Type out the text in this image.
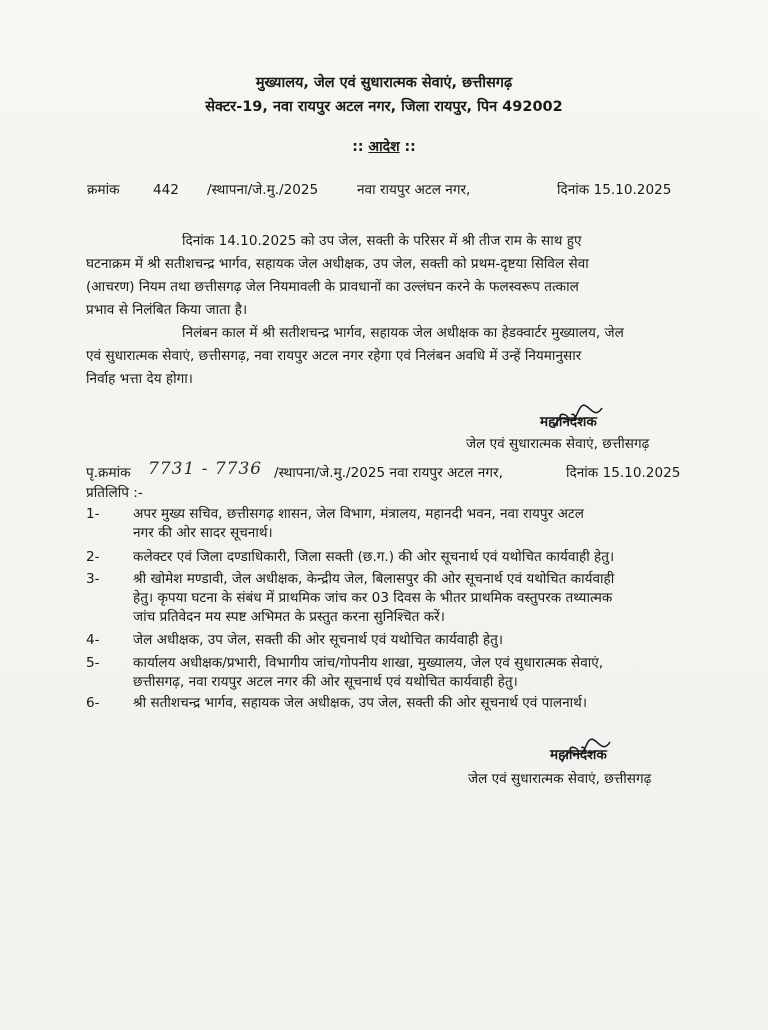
मुख्यालय, जेल एवं सुधारात्मक सेवाएं, छत्तीसगढ़
सेक्टर-19, नवा रायपुर अटल नगर, जिला रायपुर, पिन 492002
:: आदेश ::
क्रमांक 442 /स्थापना/जे.मु./2025	नवा रायपुर अटल नगर,	दिनांक 15.10.2025
दिनांक 14.10.2025 को उप जेल, सक्ती के परिसर में श्री तीज राम के साथ हुए
घटनाक्रम में श्री सतीशचन्द्र भार्गव, सहायक जेल अधीक्षक, उप जेल, सक्ती को प्रथम-दृष्टया सिविल सेवा
(आचरण) नियम तथा छत्तीसगढ़ जेल नियमावली के प्रावधानों का उल्लंघन करने के फलस्वरूप तत्काल
प्रभाव से निलंबित किया जाता है।
निलंबन काल में श्री सतीशचन्द्र भार्गव, सहायक जेल अधीक्षक का हेडक्वार्टर मुख्यालय, जेल
एवं सुधारात्मक सेवाएं, छत्तीसगढ़, नवा रायपुर अटल नगर रहेगा एवं निलंबन अवधि में उन्हें नियमानुसार
निर्वाह भत्ता देय होगा।
महानिदेशक
जेल एवं सुधारात्मक सेवाएं, छत्तीसगढ़
पृ.क्रमांक 7731 - 7736 /स्थापना/जे.मु./2025 नवा रायपुर अटल नगर,	दिनांक 15.10.2025
प्रतिलिपि :-
1- अपर मुख्य सचिव, छत्तीसगढ़ शासन, जेल विभाग, मंत्रालय, महानदी भवन, नवा रायपुर अटल
नगर की ओर सादर सूचनार्थ।
2- कलेक्टर एवं जिला दण्डाधिकारी, जिला सक्ती (छ.ग.) की ओर सूचनार्थ एवं यथोचित कार्यवाही हेतु।
3- श्री खोमेश मण्डावी, जेल अधीक्षक, केन्द्रीय जेल, बिलासपुर की ओर सूचनार्थ एवं यथोचित कार्यवाही
हेतु। कृपया घटना के संबंध में प्राथमिक जांच कर 03 दिवस के भीतर प्राथमिक वस्तुपरक तथ्यात्मक
जांच प्रतिवेदन मय स्पष्ट अभिमत के प्रस्तुत करना सुनिश्चित करें।
4- जेल अधीक्षक, उप जेल, सक्ती की ओर सूचनार्थ एवं यथोचित कार्यवाही हेतु।
5- कार्यालय अधीक्षक/प्रभारी, विभागीय जांच/गोपनीय शाखा, मुख्यालय, जेल एवं सुधारात्मक सेवाएं,
छत्तीसगढ़, नवा रायपुर अटल नगर की ओर सूचनार्थ एवं यथोचित कार्यवाही हेतु।
6- श्री सतीशचन्द्र भार्गव, सहायक जेल अधीक्षक, उप जेल, सक्ती की ओर सूचनार्थ एवं पालनार्थ।
महानिदेशक
जेल एवं सुधारात्मक सेवाएं, छत्तीसगढ़
